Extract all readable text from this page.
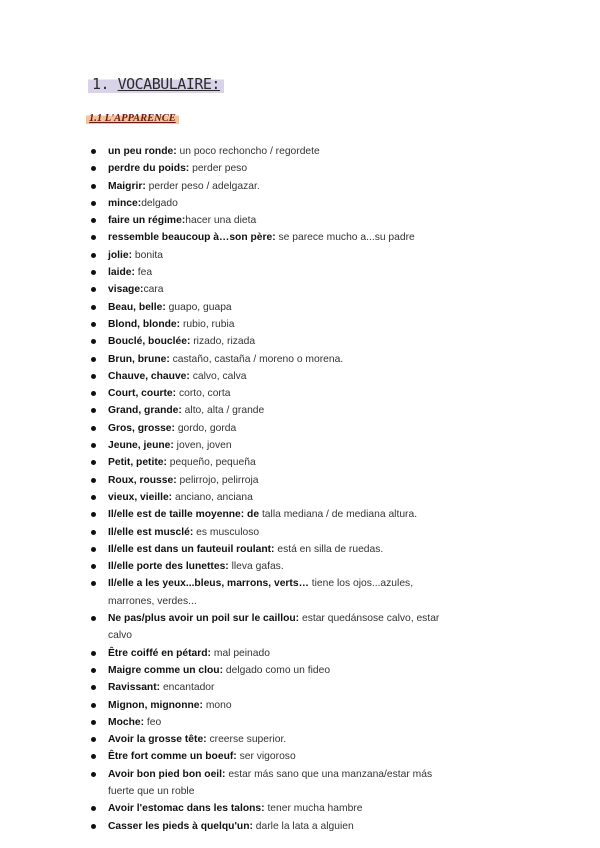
1. VOCABULAIRE:
1.1 L'APPARENCE
un peu ronde: un poco rechoncho / regordete
perdre du poids: perder peso
Maigrir: perder peso / adelgazar.
mince:delgado
faire un régime:hacer una dieta
ressemble beaucoup à…son père: se parece mucho a...su padre
jolie: bonita
laide: fea
visage:cara
Beau, belle: guapo, guapa
Blond, blonde: rubio, rubia
Bouclé, bouclée: rizado, rizada
Brun, brune: castaño, castaña / moreno o morena.
Chauve, chauve: calvo, calva
Court, courte: corto, corta
Grand, grande: alto, alta / grande
Gros, grosse: gordo, gorda
Jeune, jeune: joven, joven
Petit, petite: pequeño, pequeña
Roux, rousse: pelirrojo, pelirroja
vieux, vieille: anciano, anciana
Il/elle est de taille moyenne: de talla mediana / de mediana altura.
Il/elle est musclé: es musculoso
Il/elle est dans un fauteuil roulant: está en silla de ruedas.
Il/elle porte des lunettes: lleva gafas.
Il/elle a les yeux...bleus, marrons, verts… tiene los ojos...azules, marrones, verdes...
Ne pas/plus avoir un poil sur le caillou: estar quedánsose calvo, estar calvo
Être coiffé en pétard: mal peinado
Maigre comme un clou: delgado como un fideo
Ravissant: encantador
Mignon, mignonne: mono
Moche: feo
Avoir la grosse tête: creerse superior.
Être fort comme un boeuf: ser vigoroso
Avoir bon pied bon oeil: estar más sano que una manzana/estar más fuerte que un roble
Avoir l'estomac dans les talons: tener mucha hambre
Casser les pieds à quelqu'un: darle la lata a alguien
